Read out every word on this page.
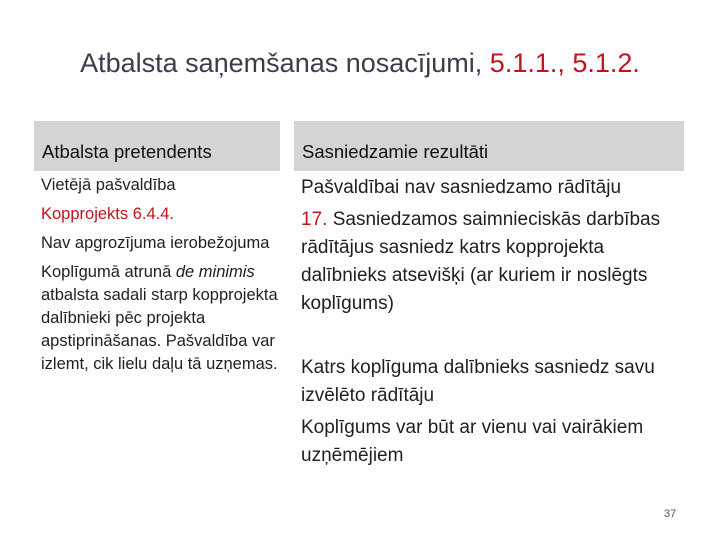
Atbalsta saņemšanas nosacījumi, 5.1.1., 5.1.2.
Atbalsta pretendents	Sasniedzamie rezultāti

Vietējā pašvaldība

Kopprojekts 6.4.4.

Nav apgrozījuma ierobežojuma

Koplīgumā atrunā de minimis atbalsta sadali starp kopprojekta dalībnieki pēc projekta apstiprināšanas. Pašvaldība var izlemt, cik lielu daļu tā uzņemas.

Pašvaldībai nav sasniedzamo rādītāju

17. Sasniedzamos saimnieciskās darbības rādītājus sasniedz katrs kopprojekta dalībnieks atsevišķi (ar kuriem ir noslēgts koplīgums)

Katrs koplīguma dalībnieks sasniedz savu izvēlēto rādītāju

Koplīgums var būt ar vienu vai vairākiem uzņēmējiem

37
